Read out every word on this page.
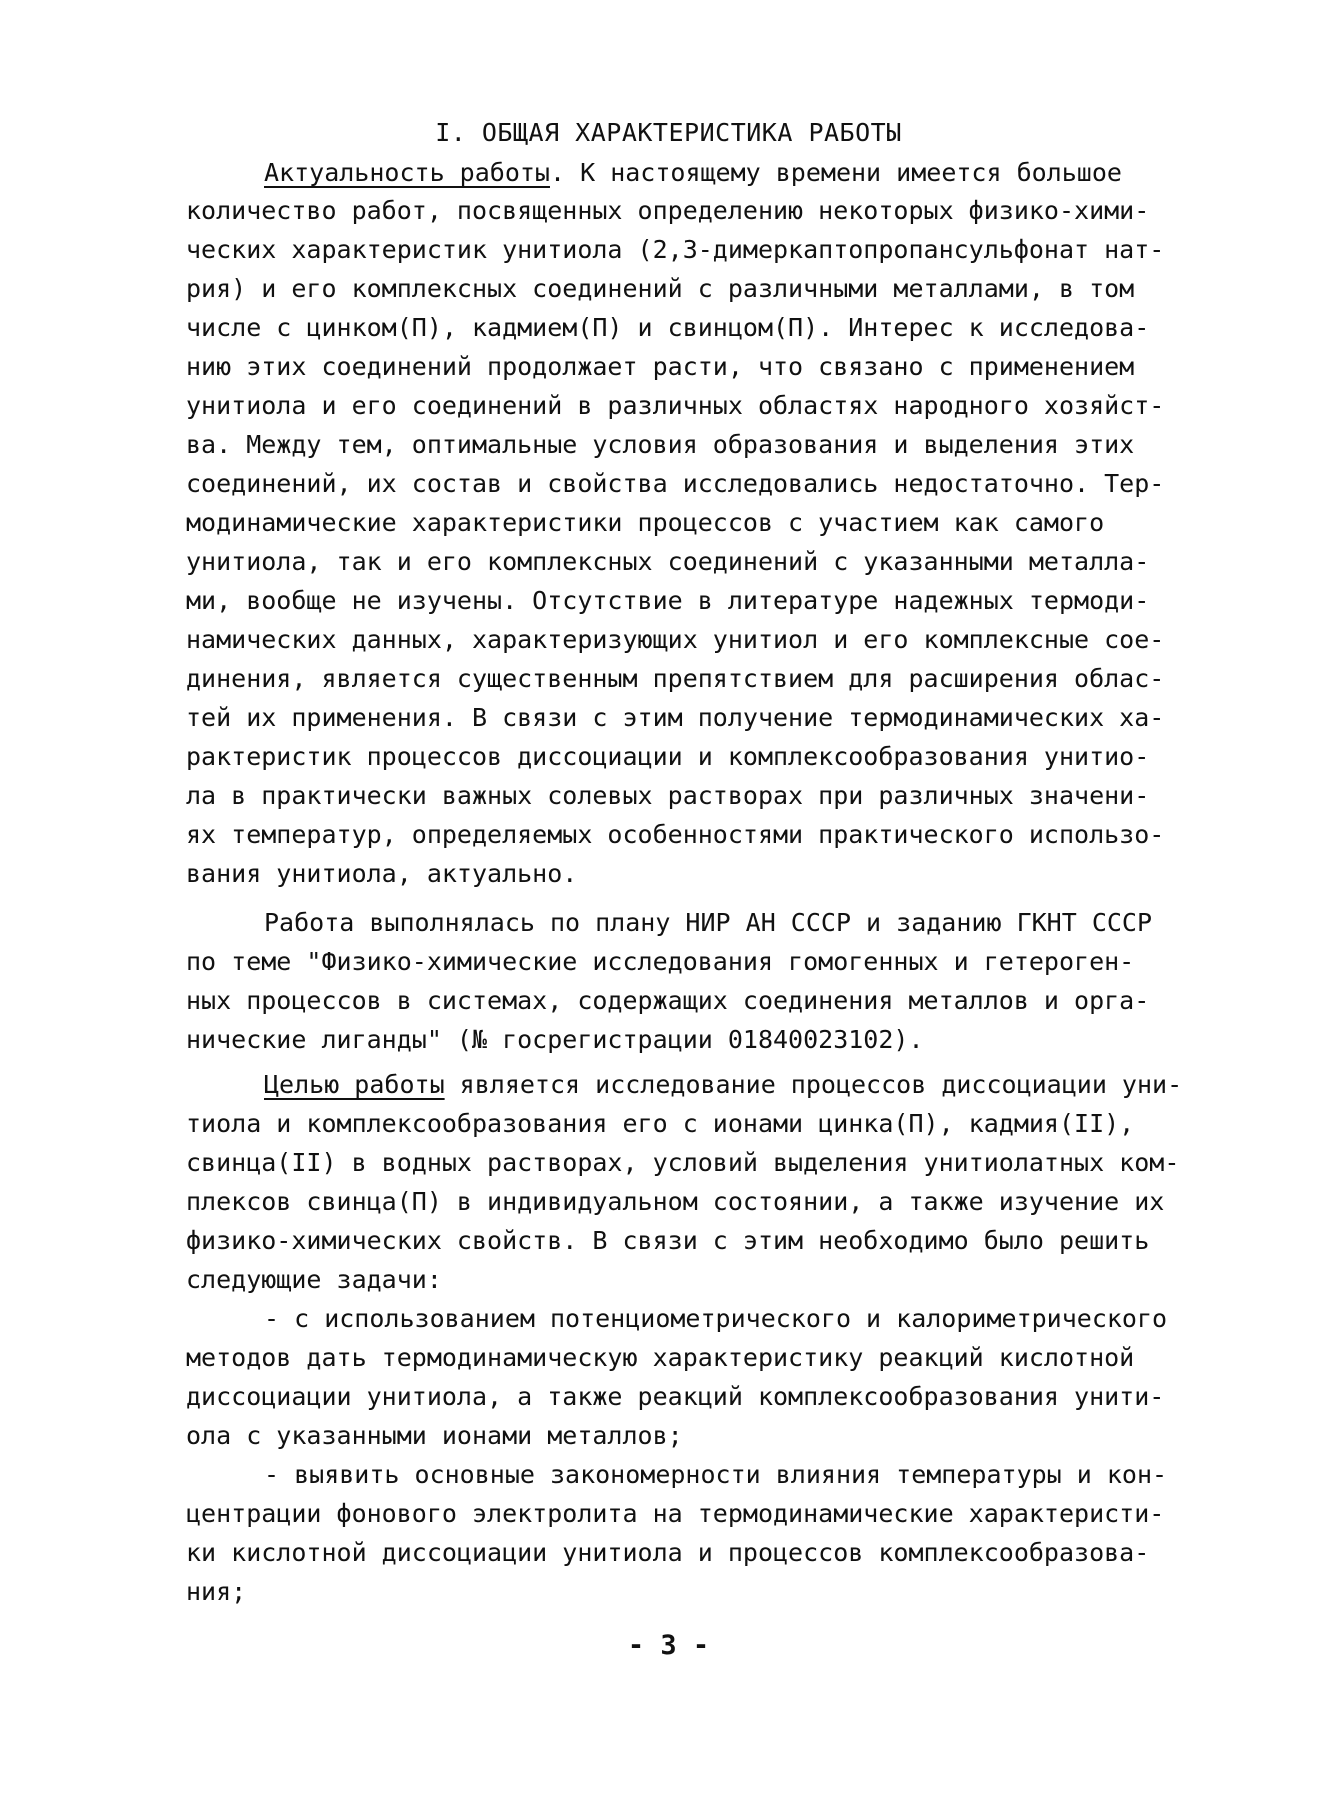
I. ОБЩАЯ ХАРАКТЕРИСТИКА РАБОТЫ
Актуальность работы. К настоящему времени имеется большое
количество работ, посвященных определению некоторых физико-хими-
ческих характеристик унитиола (2,3-димеркаптопропансульфонат нат-
рия) и его комплексных соединений с различными металлами, в том
числе с цинком(П), кадмием(П) и свинцом(П). Интерес к исследова-
нию этих соединений продолжает расти, что связано с применением
унитиола и его соединений в различных областях народного хозяйст-
ва. Между тем, оптимальные условия образования и выделения этих
соединений, их состав и свойства исследовались недостаточно. Тер-
модинамические характеристики процессов с участием как самого
унитиола, так и его комплексных соединений с указанными металла-
ми, вообще не изучены. Отсутствие в литературе надежных термоди-
намических данных, характеризующих унитиол и его комплексные сое-
динения, является существенным препятствием для расширения облас-
тей их применения. В связи с этим получение термодинамических ха-
рактеристик процессов диссоциации и комплексообразования унитио-
ла в практически важных солевых растворах при различных значени-
ях температур, определяемых особенностями практического использо-
вания унитиола, актуально.
Работа выполнялась по плану НИР АН СССР и заданию ГКНТ СССР
по теме "Физико-химические исследования гомогенных и гетероген-
ных процессов в системах, содержащих соединения металлов и орга-
нические лиганды" (№ госрегистрации 01840023102).
Целью работы является исследование процессов диссоциации уни-
тиола и комплексообразования его с ионами цинка(П), кадмия(II),
свинца(II) в водных растворах, условий выделения унитиолатных ком-
плексов свинца(П) в индивидуальном состоянии, а также изучение их
физико-химических свойств. В связи с этим необходимо было решить
следующие задачи:
- с использованием потенциометрического и калориметрического
методов дать термодинамическую характеристику реакций кислотной
диссоциации унитиола, а также реакций комплексообразования унити-
ола с указанными ионами металлов;
- выявить основные закономерности влияния температуры и кон-
центрации фонового электролита на термодинамические характеристи-
ки кислотной диссоциации унитиола и процессов комплексообразова-
ния;
- 3 -
